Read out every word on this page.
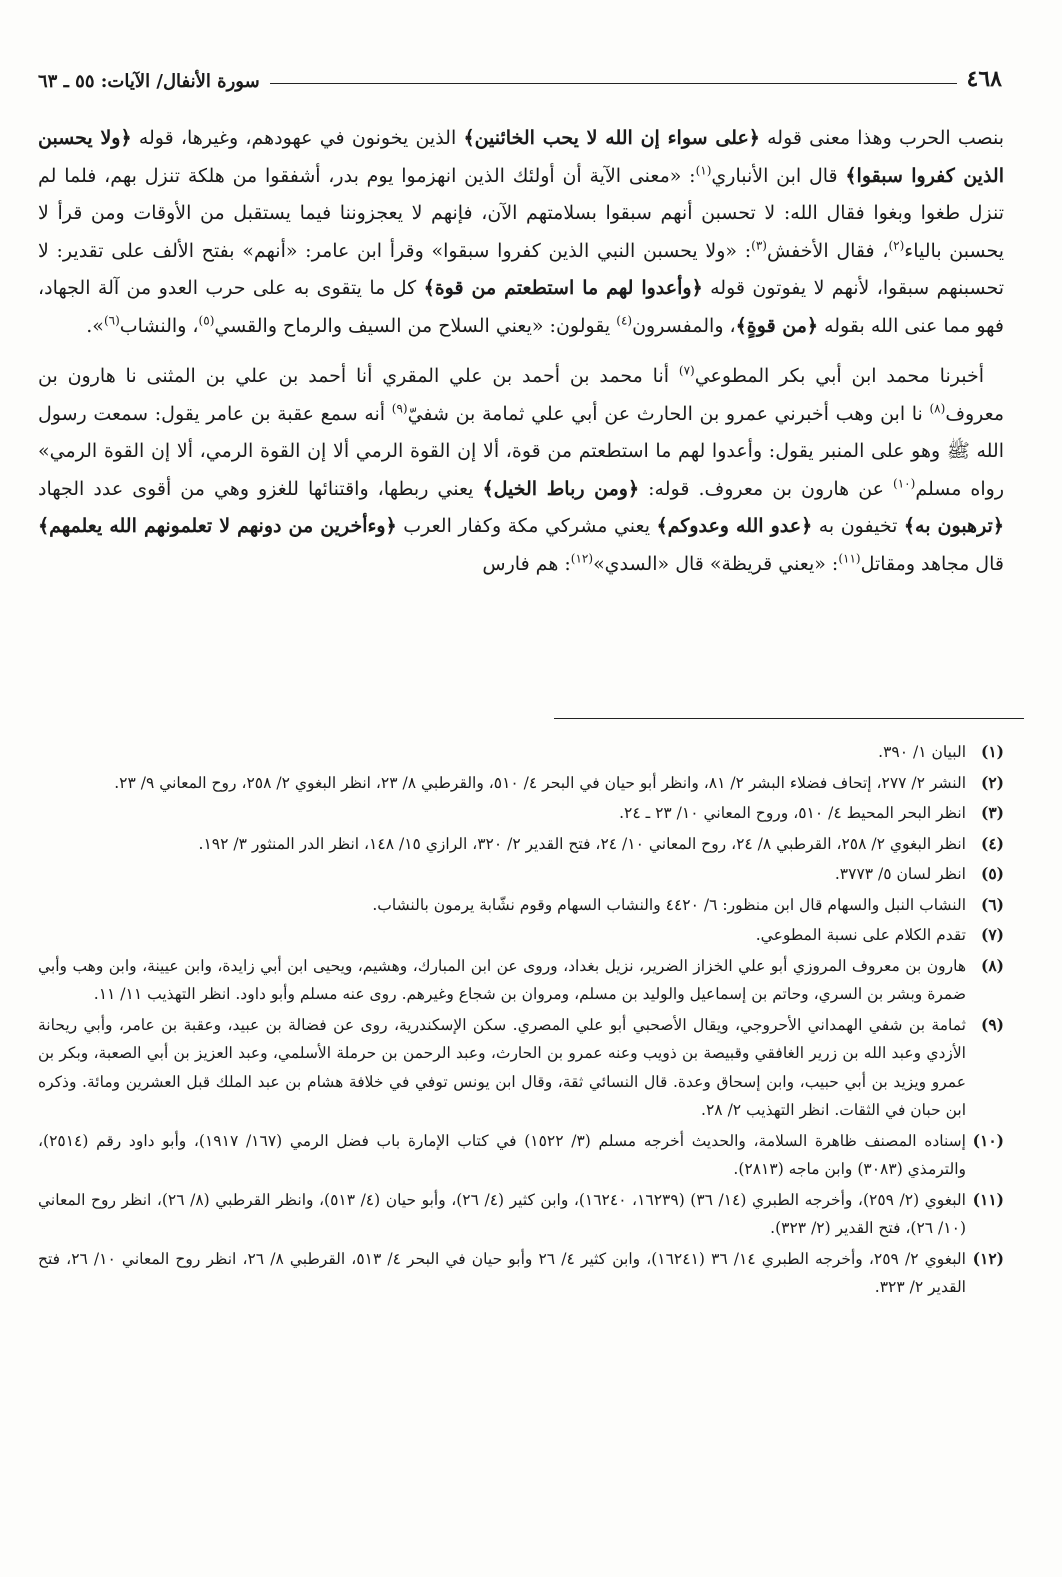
٤٦٨
سورة الأنفال/ الآيات: ٥٥ ـ ٦٣

بنصب الحرب وهذا معنى قوله ﴿على سواء إن الله لا يحب الخائنين﴾ الذين يخونون في عهودهم، وغيرها، قوله ﴿ولا يحسبن الذين كفروا سبقوا﴾ قال ابن الأنباري$^{(١)}$: «معنى الآية أن أولئك الذين انهزموا يوم بدر، أشفقوا من هلكة تنزل بهم، فلما لم تنزل طغوا وبغوا فقال الله: لا تحسبن أنهم سبقوا بسلامتهم الآن، فإنهم لا يعجزوننا فيما يستقبل من الأوقات ومن قرأ لا يحسبن بالياء$^{(٢)}$، فقال الأخفش$^{(٣)}$: «ولا يحسبن النبي الذين كفروا سبقوا» وقرأ ابن عامر: «أنهم» بفتح الألف على تقدير: لا تحسبنهم سبقوا، لأنهم لا يفوتون قوله ﴿وأعدوا لهم ما استطعتم من قوة﴾ كل ما يتقوى به على حرب العدو من آلة الجهاد، فهو مما عنى الله بقوله ﴿من قوةٍ﴾، والمفسرون$^{(٤)}$ يقولون: «يعني السلاح من السيف والرماح والقسي$^{(٥)}$، والنشاب$^{(٦)}$».

أخبرنا محمد ابن أبي بكر المطوعي$^{(٧)}$ أنا محمد بن أحمد بن علي المقري أنا أحمد بن علي بن المثنى نا هارون بن معروف$^{(٨)}$ نا ابن وهب أخبرني عمرو بن الحارث عن أبي علي ثمامة بن شفيّ$^{(٩)}$ أنه سمع عقبة بن عامر يقول: سمعت رسول الله ﷺ وهو على المنبر يقول: وأعدوا لهم ما استطعتم من قوة، ألا إن القوة الرمي ألا إن القوة الرمي، ألا إن القوة الرمي» رواه مسلم$^{(١٠)}$ عن هارون بن معروف. قوله: ﴿ومن رباط الخيل﴾ يعني ربطها، واقتنائها للغزو وهي من أقوى عدد الجهاد ﴿ترهبون به﴾ تخيفون به ﴿عدو الله وعدوكم﴾ يعني مشركي مكة وكفار العرب ﴿وءأخرين من دونهم لا تعلمونهم الله يعلمهم﴾ قال مجاهد ومقاتل$^{(١١)}$: «يعني قريظة» قال «السدي»$^{(١٢)}$: هم فارس

(١)
البيان ١/ ٣٩٠.
(٢)
النشر ٢/ ٢٧٧، إتحاف فضلاء البشر ٢/ ٨١، وانظر أبو حيان في البحر ٤/ ٥١٠، والقرطبي ٨/ ٢٣، انظر البغوي ٢/ ٢٥٨، روح المعاني ٩/ ٢٣.
(٣)
انظر البحر المحيط ٤/ ٥١٠، وروح المعاني ١٠/ ٢٣ ـ ٢٤.
(٤)
انظر البغوي ٢/ ٢٥٨، القرطبي ٨/ ٢٤، روح المعاني ١٠/ ٢٤، فتح القدير ٢/ ٣٢٠، الرازي ١٥/ ١٤٨، انظر الدر المنثور ٣/ ١٩٢.
(٥)
انظر لسان ٥/ ٣٧٧٣.
(٦)
النشاب النبل والسهام قال ابن منظور: ٦/ ٤٤٢٠ والنشاب السهام وقوم نشّابة يرمون بالنشاب.
(٧)
تقدم الكلام على نسبة المطوعي.
(٨)
هارون بن معروف المروزي أبو علي الخزاز الضرير، نزيل بغداد، وروى عن ابن المبارك، وهشيم، ويحيى ابن أبي زايدة، وابن عيينة، وابن وهب وأبي ضمرة وبشر بن السري، وحاتم بن إسماعيل والوليد بن مسلم، ومروان بن شجاع وغيرهم. روى عنه مسلم وأبو داود. انظر التهذيب ١١/ ١١.
(٩)
ثمامة بن شفي الهمداني الأحروجي، ويقال الأصحبي أبو علي المصري. سكن الإسكندرية، روى عن فضالة بن عبيد، وعقبة بن عامر، وأبي ريحانة الأزدي وعبد الله بن زرير الغافقي وقبيصة بن ذويب وعنه عمرو بن الحارث، وعبد الرحمن بن حرملة الأسلمي، وعبد العزيز بن أبي الصعبة، وبكر بن عمرو ويزيد بن أبي حبيب، وابن إسحاق وعدة. قال النسائي ثقة، وقال ابن يونس توفي في خلافة هشام بن عبد الملك قبل العشرين ومائة. وذكره ابن حبان في الثقات. انظر التهذيب ٢/ ٢٨.
(١٠)
إسناده المصنف ظاهرة السلامة، والحديث أخرجه مسلم (٣/ ١٥٢٢) في كتاب الإمارة باب فضل الرمي (١٦٧/ ١٩١٧)، وأبو داود رقم (٢٥١٤)، والترمذي (٣٠٨٣) وابن ماجه (٢٨١٣).
(١١)
البغوي (٢/ ٢٥٩)، وأخرجه الطبري (١٤/ ٣٦) (١٦٢٣٩، ١٦٢٤٠)، وابن كثير (٤/ ٢٦)، وأبو حيان (٤/ ٥١٣)، وانظر القرطبي (٨/ ٢٦)، انظر روح المعاني (١٠/ ٢٦)، فتح القدير (٢/ ٣٢٣).
(١٢)
البغوي ٢/ ٢٥٩، وأخرجه الطبري ١٤/ ٣٦ (١٦٢٤١)، وابن كثير ٤/ ٢٦ وأبو حيان في البحر ٤/ ٥١٣، القرطبي ٨/ ٢٦، انظر روح المعاني ١٠/ ٢٦، فتح القدير ٢/ ٣٢٣.
